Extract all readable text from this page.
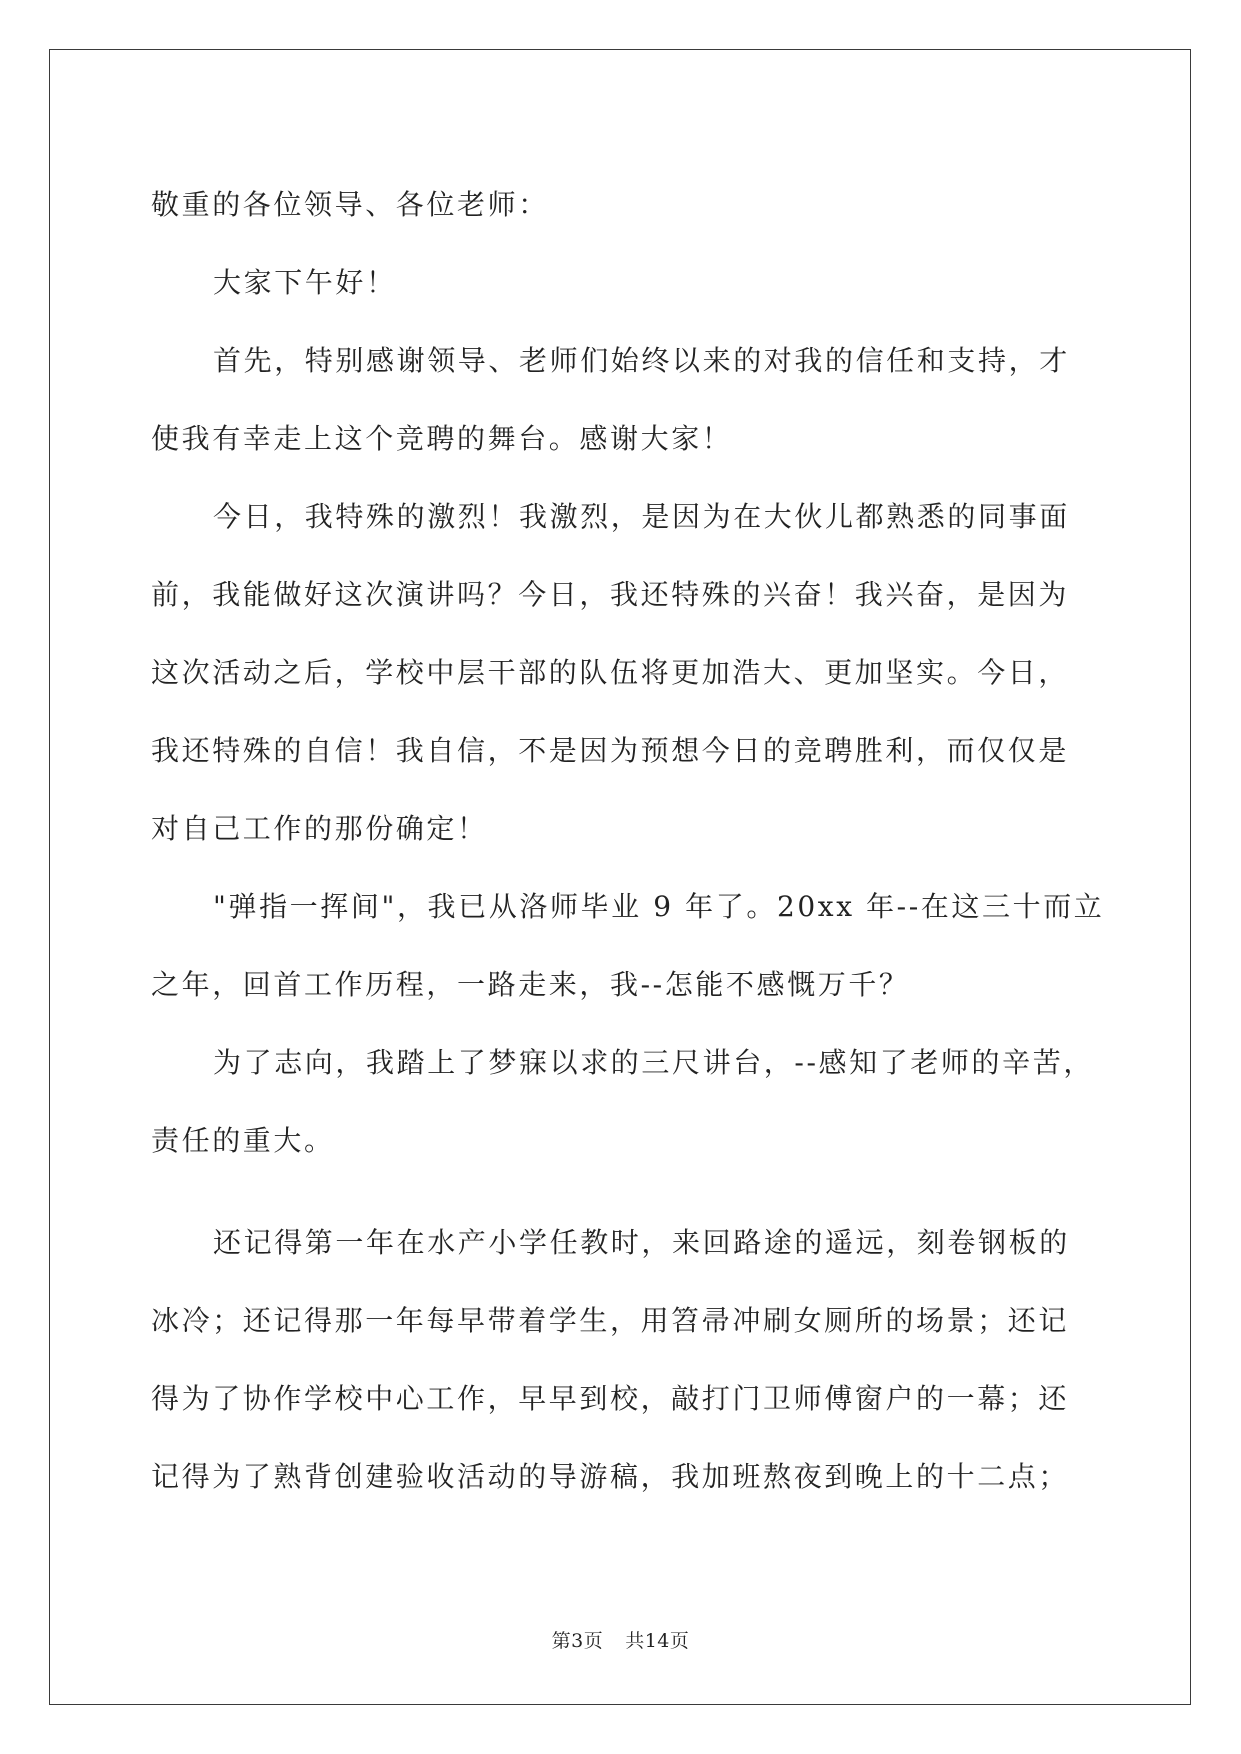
敬重的各位领导、各位老师：
大家下午好！
首先，特别感谢领导、老师们始终以来的对我的信任和支持，才
使我有幸走上这个竞聘的舞台。感谢大家！
今日，我特殊的激烈！我激烈，是因为在大伙儿都熟悉的同事面
前，我能做好这次演讲吗？今日，我还特殊的兴奋！我兴奋，是因为
这次活动之后，学校中层干部的队伍将更加浩大、更加坚实。今日，
我还特殊的自信！我自信，不是因为预想今日的竞聘胜利，而仅仅是
对自己工作的那份确定！
"弹指一挥间"，我已从洛师毕业 9 年了。20xx 年--在这三十而立
之年，回首工作历程，一路走来，我--怎能不感慨万千？
为了志向，我踏上了梦寐以求的三尺讲台，--感知了老师的辛苦，
责任的重大。
还记得第一年在水产小学任教时，来回路途的遥远，刻卷钢板的
冰冷；还记得那一年每早带着学生，用笤帚冲刷女厕所的场景；还记
得为了协作学校中心工作，早早到校，敲打门卫师傅窗户的一幕；还
记得为了熟背创建验收活动的导游稿，我加班熬夜到晚上的十二点；
第3页 共14页
